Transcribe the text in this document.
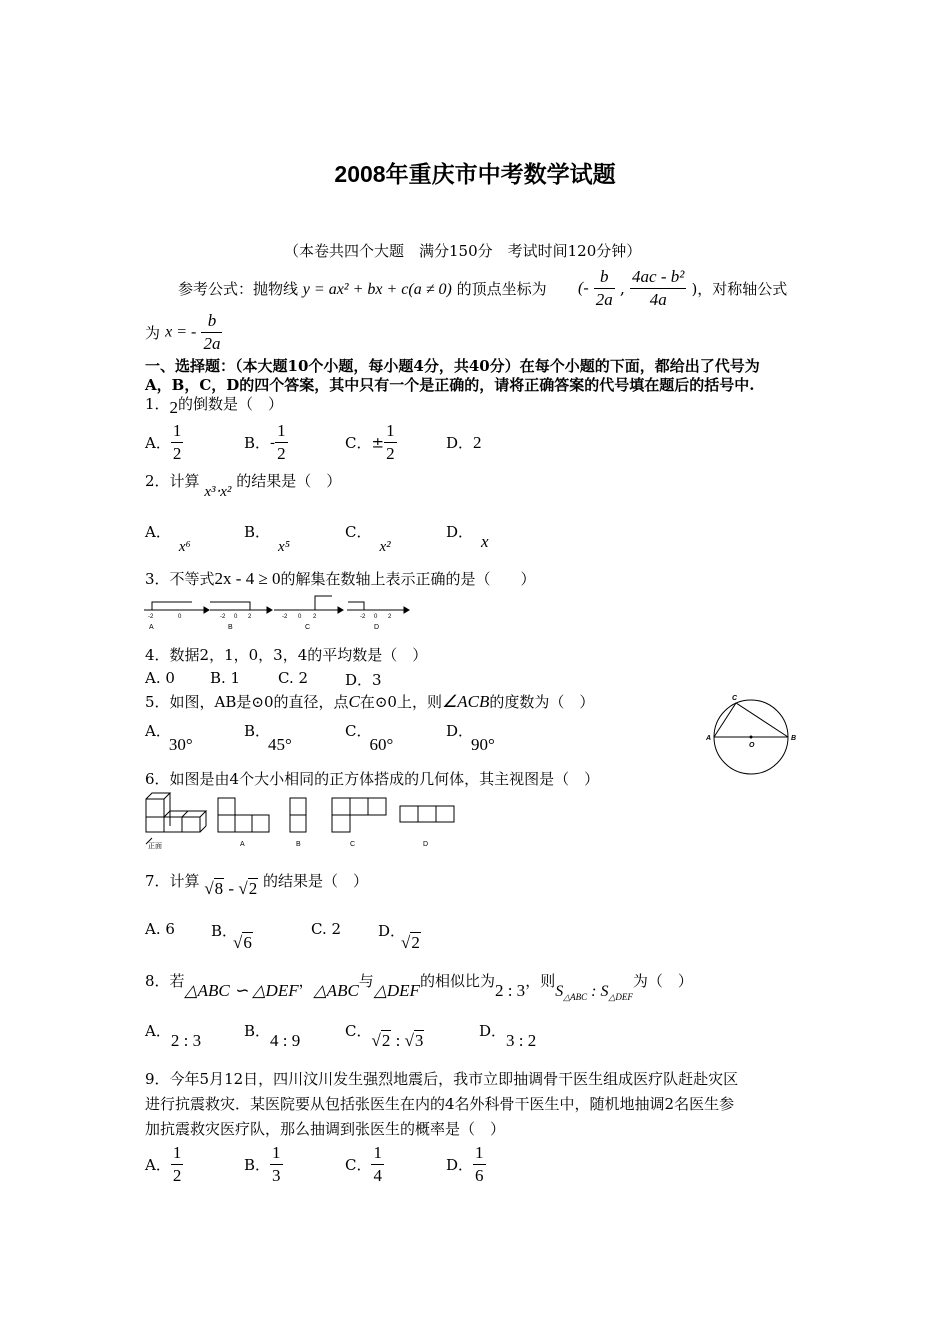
2008年重庆市中考数学试题
（本卷共四个大题　满分150分　考试时间120分钟）
参考公式：抛物线 y = ax² + bx + c(a ≠ 0) 的顶点坐标为 (- $\frac{b}{2a}$ , $\frac{\text{4ac - b²}}{4a}$ )，对称轴公式
为 x = - $\frac{b}{2a}$
一、选择题：（本大题10个小题，每小题4分，共40分）在每个小题的下面，都给出了代号为
A，B，C，D的四个答案，其中只有一个是正确的，请将正确答案的代号填在题后的括号中.
1．2的倒数是（　）
A． $\frac{1}{2}$	B．- $\frac{1}{2}$	C．± $\frac{1}{2}$	D．2
2．计算 x³⋅x² 的结果是（　）
A．x⁶
B．x⁵
C．x²
D． x
3．不等式2x - 4 ≥ 0的解集在数轴上表示正确的是（　　）
-2	0	-2 0 2	-2 0 2	-2 0 2
A	B	C	D
4．数据2，1，0，3，4的平均数是（　）
A. 0 B. 1	C. 2 D．3
5．如图，AB是⊙0的直径，点C在⊙0上，则∠ACB的度数为（　）
A．30°
B．45°
C．60°
D．90°
C
A
O
B
6．如图是由4个大小相同的正方体搭成的几何体，其主视图是（　）
正面	A	B	C	D
7．计算 √8 - √2 的结果是（　）
A. 6 B．√6
C. 2 D．√2
8．若△ABC ∽ △DEF，△ABC与△DEF的相似比为2 : 3，则$S_{\triangle ABC}$ : $S_{\triangle DEF}$为（　）
A．2 : 3	B．4 : 9	C．√2 : √3	D．3 : 2
9．今年5月12日，四川汶川发生强烈地震后，我市立即抽调骨干医生组成医疗队赶赴灾区
进行抗震救灾．某医院要从包括张医生在内的4名外科骨干医生中，随机地抽调2名医生参
加抗震救灾医疗队，那么抽调到张医生的概率是（　）
A． $\frac{1}{2}$	B． $\frac{1}{3}$	C． $\frac{1}{4}$	D． $\frac{1}{6}$
